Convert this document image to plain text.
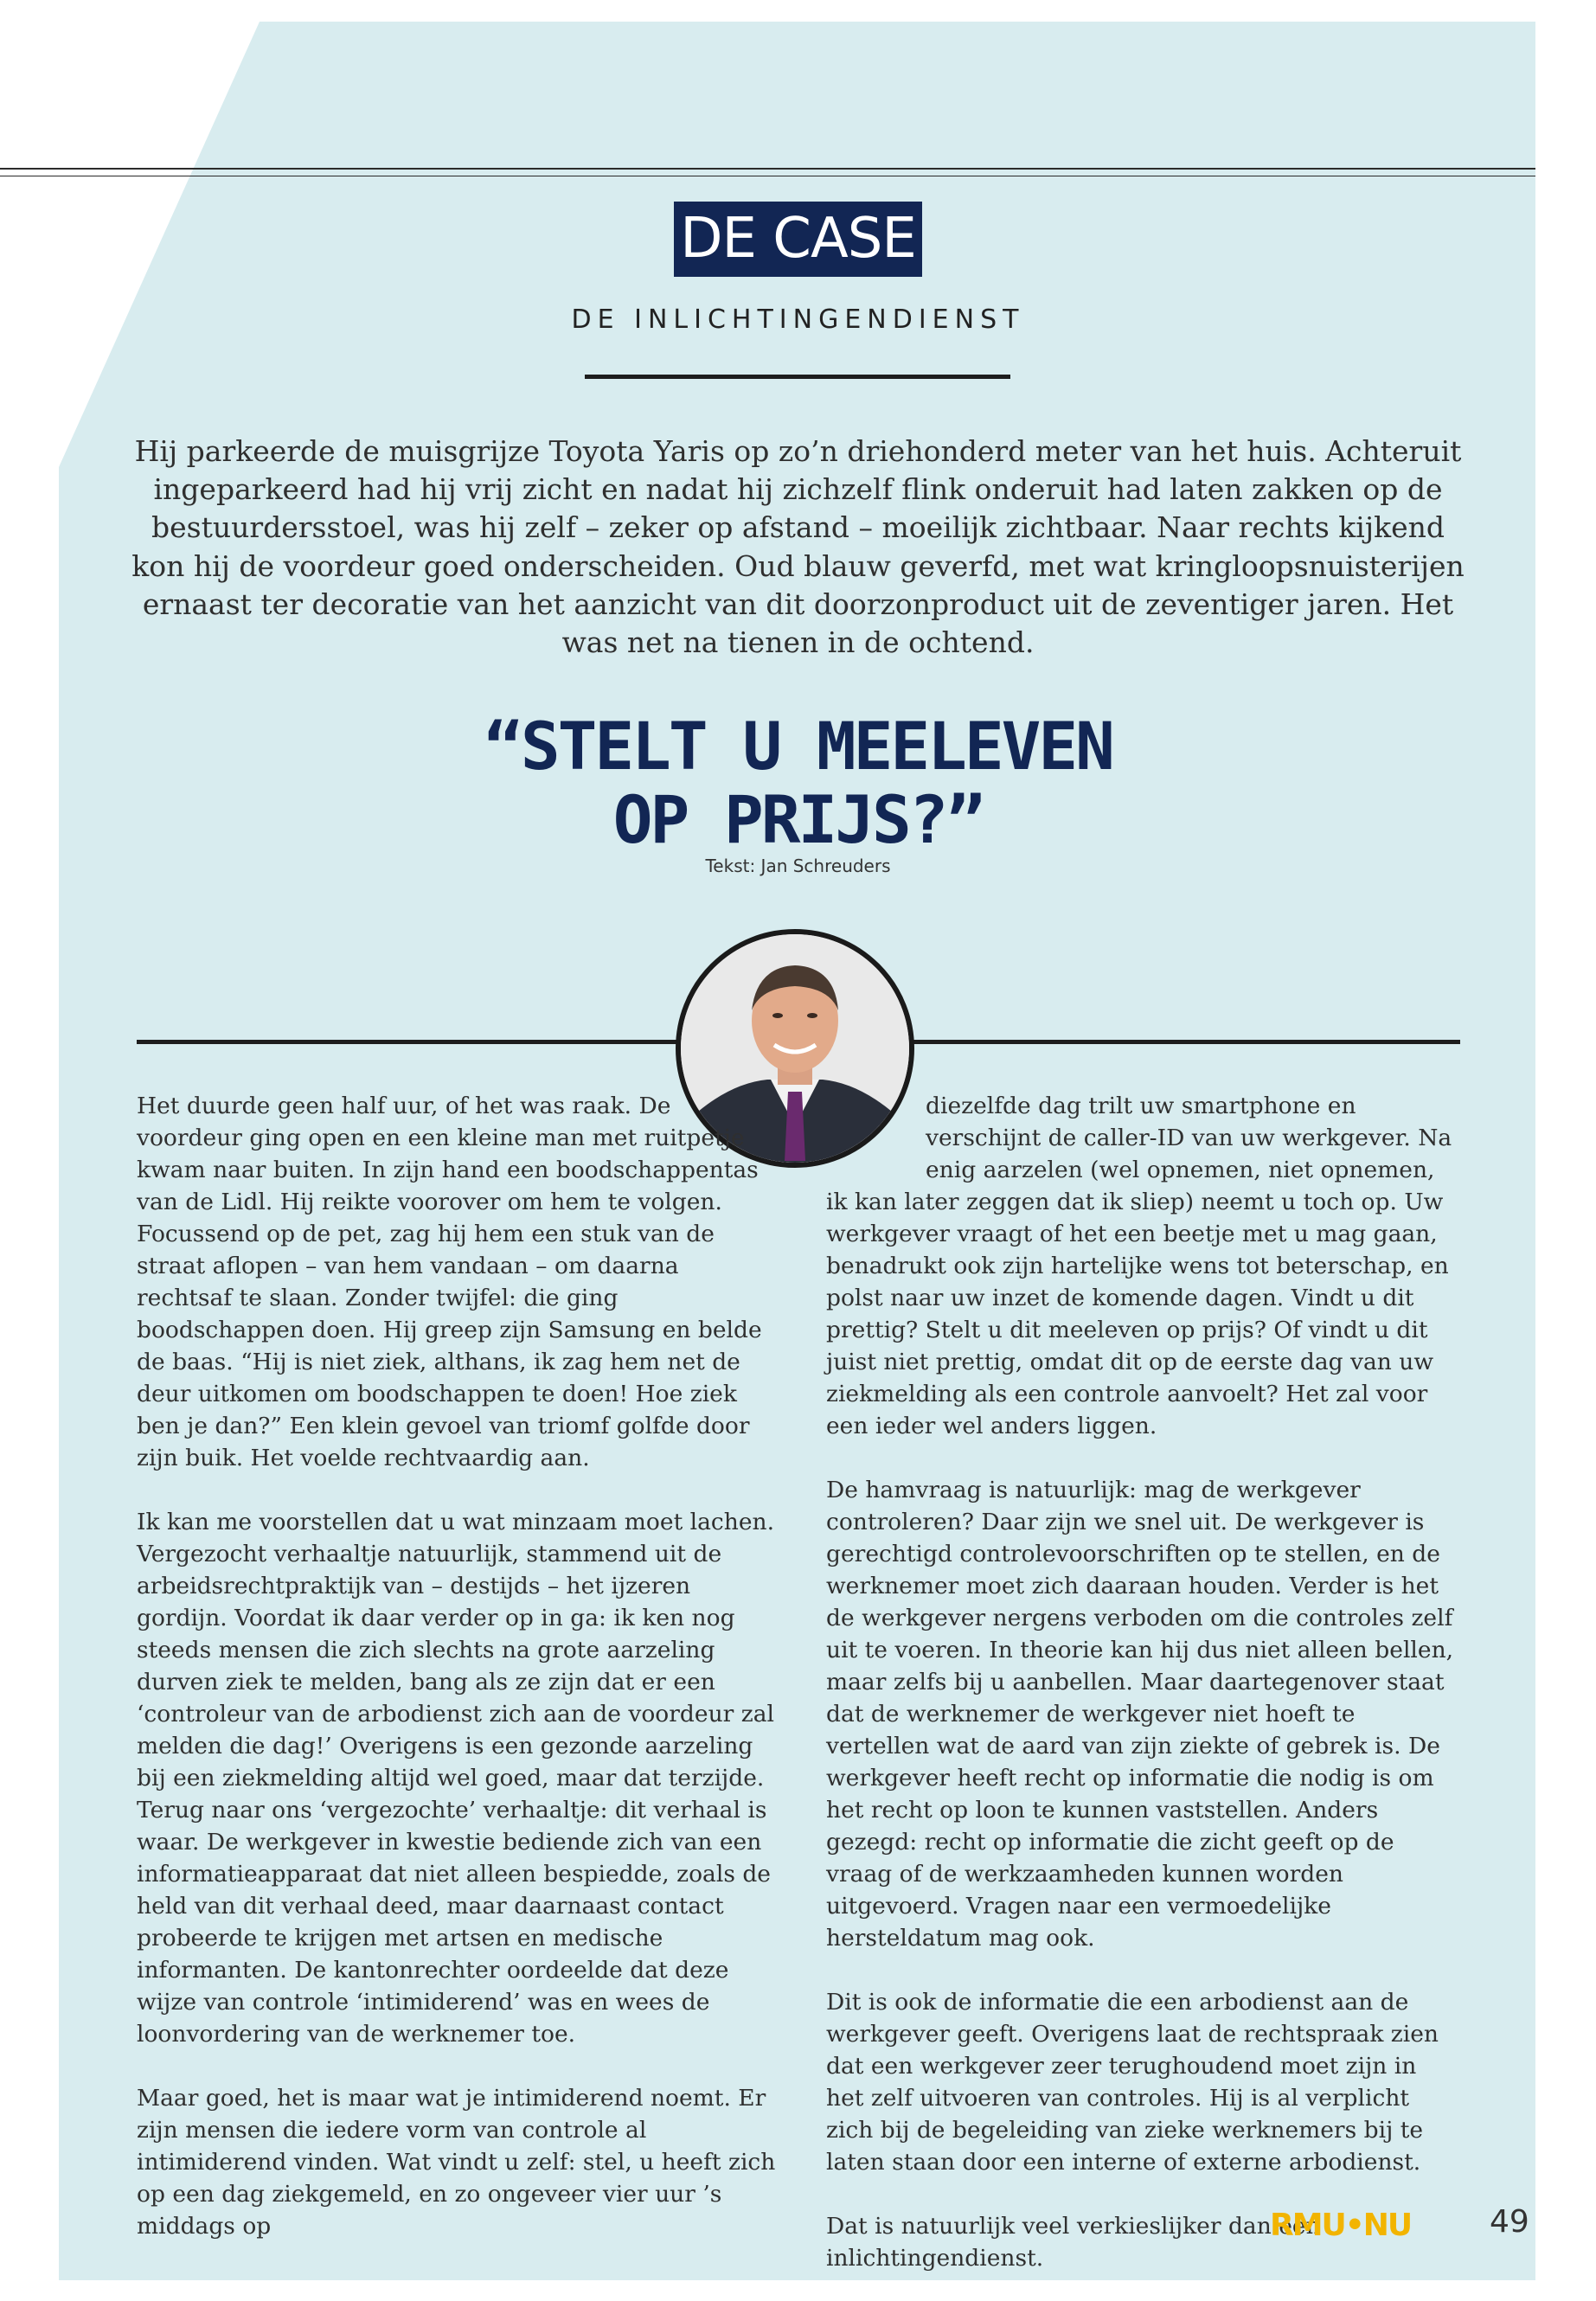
DE CASE
DE INLICHTINGENDIENST
Hij parkeerde de muisgrijze Toyota Yaris op zo’n driehonderd meter van het huis. Achteruit ingeparkeerd had hij vrij zicht en nadat hij zichzelf flink onderuit had laten zakken op de bestuurdersstoel, was hij zelf – zeker op afstand – moeilijk zichtbaar. Naar rechts kijkend kon hij de voordeur goed onderscheiden. Oud blauw geverfd, met wat kringloopsnuisterijen ernaast ter decoratie van het aanzicht van dit doorzonproduct uit de zeventiger jaren. Het was net na tienen in de ochtend.
“STELT U MEELEVEN
OP PRIJS?”
Tekst: Jan Schreuders

Het duurde geen half uur, of het was raak. De voordeur ging open en een kleine man met ruitpetje kwam naar buiten. In zijn hand een boodschappentas van de Lidl. Hij reikte voorover om hem te volgen. Focussend op de pet, zag hij hem een stuk van de straat aflopen – van hem vandaan – om daarna rechtsaf te slaan. Zonder twijfel: die ging boodschappen doen. Hij greep zijn Samsung en belde de baas. “Hij is niet ziek, althans, ik zag hem net de deur uitkomen om boodschappen te doen! Hoe ziek ben je dan?” Een klein gevoel van triomf golfde door zijn buik. Het voelde rechtvaardig aan.

Ik kan me voorstellen dat u wat minzaam moet lachen. Vergezocht verhaaltje natuurlijk, stammend uit de arbeidsrechtpraktijk van – destijds – het ijzeren gordijn. Voordat ik daar verder op in ga: ik ken nog steeds mensen die zich slechts na grote aarzeling durven ziek te melden, bang als ze zijn dat er een ‘controleur van de arbodienst zich aan de voordeur zal melden die dag!’ Overigens is een gezonde aarzeling bij een ziekmelding altijd wel goed, maar dat terzijde. Terug naar ons ‘vergezochte’ verhaaltje: dit verhaal is waar. De werkgever in kwestie bediende zich van een informatieapparaat dat niet alleen bespiedde, zoals de held van dit verhaal deed, maar daarnaast contact probeerde te krijgen met artsen en medische informanten. De kantonrechter oordeelde dat deze wijze van controle ‘intimiderend’ was en wees de loonvordering van de werknemer toe.

Maar goed, het is maar wat je intimiderend noemt. Er zijn mensen die iedere vorm van controle al intimiderend vinden. Wat vindt u zelf: stel, u heeft zich op een dag ziekgemeld, en zo ongeveer vier uur ’s middags op

diezelfde dag trilt uw smartphone en verschijnt de caller-ID van uw werkgever. Na enig aarzelen (wel opnemen, niet opnemen, ik kan later zeggen dat ik sliep) neemt u toch op. Uw werkgever vraagt of het een beetje met u mag gaan, benadrukt ook zijn hartelijke wens tot beterschap, en polst naar uw inzet de komende dagen. Vindt u dit prettig? Stelt u dit meeleven op prijs? Of vindt u dit juist niet prettig, omdat dit op de eerste dag van uw ziekmelding als een controle aanvoelt? Het zal voor een ieder wel anders liggen.

De hamvraag is natuurlijk: mag de werkgever controleren? Daar zijn we snel uit. De werkgever is gerechtigd controlevoorschriften op te stellen, en de werknemer moet zich daaraan houden. Verder is het de werkgever nergens verboden om die controles zelf uit te voeren. In theorie kan hij dus niet alleen bellen, maar zelfs bij u aanbellen. Maar daartegenover staat dat de werknemer de werkgever niet hoeft te vertellen wat de aard van zijn ziekte of gebrek is. De werkgever heeft recht op informatie die nodig is om het recht op loon te kunnen vaststellen. Anders gezegd: recht op informatie die zicht geeft op de vraag of de werkzaamheden kunnen worden uitgevoerd. Vragen naar een vermoedelijke hersteldatum mag ook.

Dit is ook de informatie die een arbodienst aan de werkgever geeft. Overigens laat de rechtspraak zien dat een werkgever zeer terughoudend moet zijn in het zelf uitvoeren van controles. Hij is al verplicht zich bij de begeleiding van zieke werknemers bij te laten staan door een interne of externe arbodienst.

Dat is natuurlijk veel verkieslijker dan een inlichtingendienst.

RMU•NU	49
